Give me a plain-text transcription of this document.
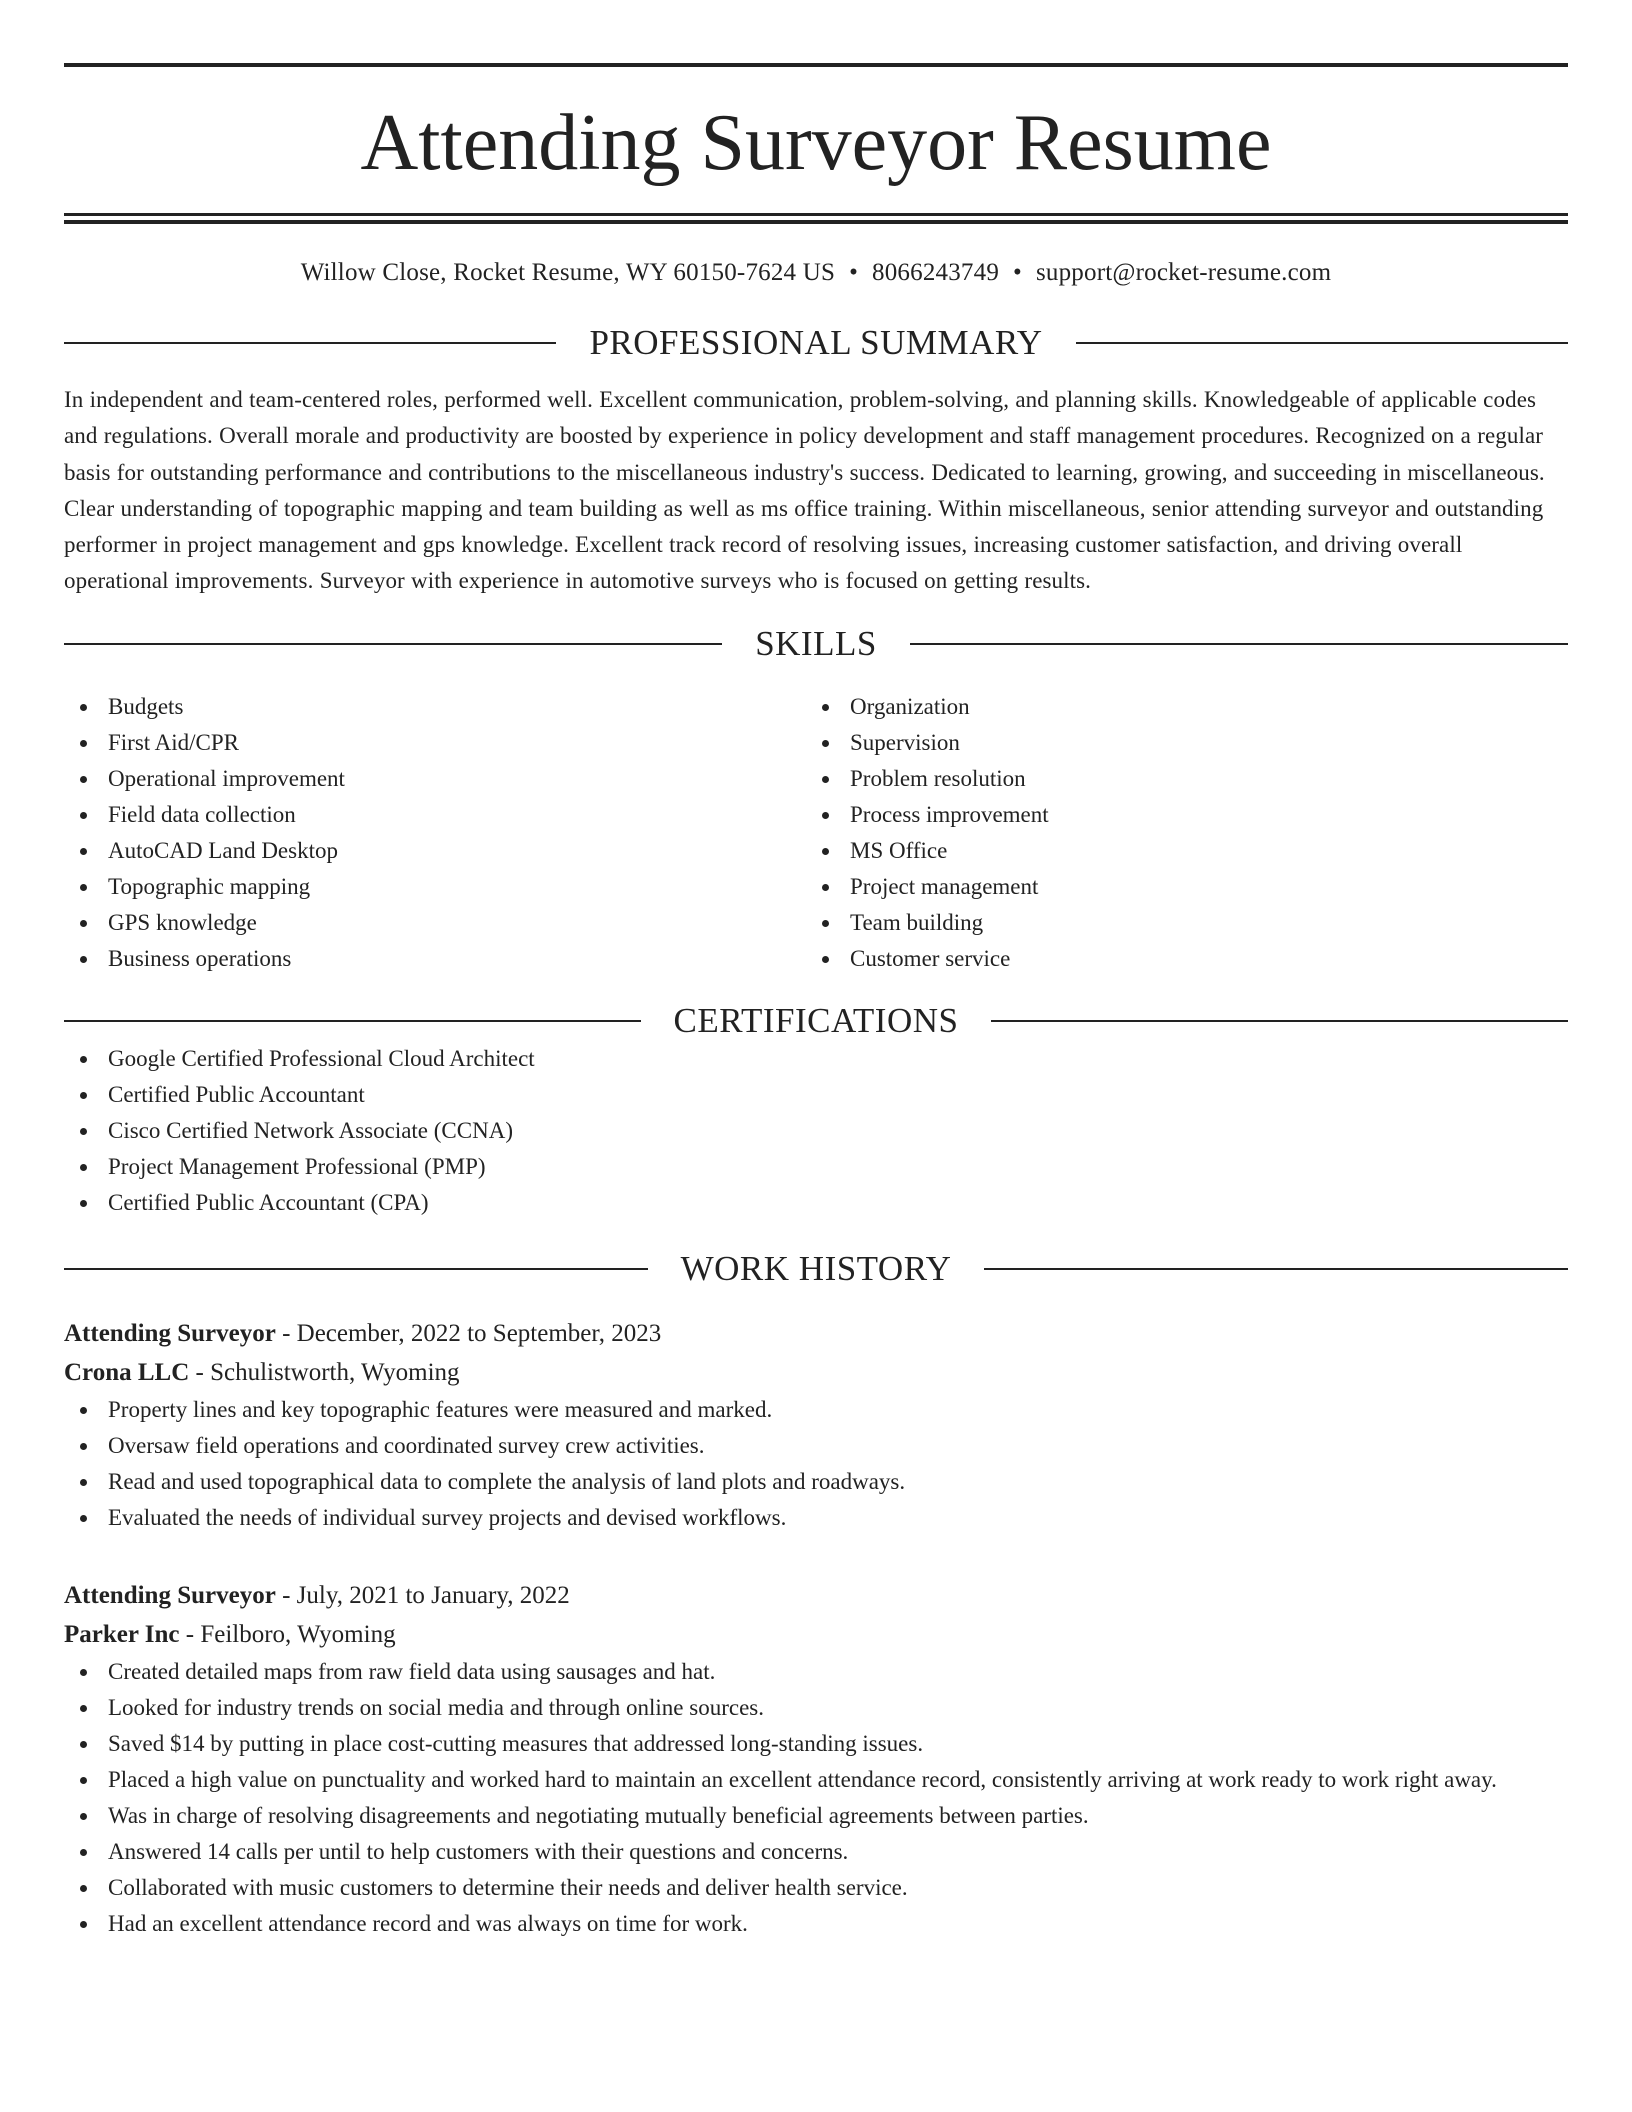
Attending Surveyor Resume
Willow Close, Rocket Resume, WY 60150-7624 US • 8066243749 • support@rocket-resume.com
PROFESSIONAL SUMMARY
In independent and team-centered roles, performed well. Excellent communication, problem-solving, and planning skills. Knowledgeable of applicable codes and regulations. Overall morale and productivity are boosted by experience in policy development and staff management procedures. Recognized on a regular basis for outstanding performance and contributions to the miscellaneous industry's success. Dedicated to learning, growing, and succeeding in miscellaneous. Clear understanding of topographic mapping and team building as well as ms office training. Within miscellaneous, senior attending surveyor and outstanding performer in project management and gps knowledge. Excellent track record of resolving issues, increasing customer satisfaction, and driving overall operational improvements. Surveyor with experience in automotive surveys who is focused on getting results.
SKILLS
Budgets
First Aid/CPR
Operational improvement
Field data collection
AutoCAD Land Desktop
Topographic mapping
GPS knowledge
Business operations
Organization
Supervision
Problem resolution
Process improvement
MS Office
Project management
Team building
Customer service
CERTIFICATIONS
Google Certified Professional Cloud Architect
Certified Public Accountant
Cisco Certified Network Associate (CCNA)
Project Management Professional (PMP)
Certified Public Accountant (CPA)
WORK HISTORY
Attending Surveyor - December, 2022 to September, 2023
Crona LLC - Schulistworth, Wyoming
Property lines and key topographic features were measured and marked.
Oversaw field operations and coordinated survey crew activities.
Read and used topographical data to complete the analysis of land plots and roadways.
Evaluated the needs of individual survey projects and devised workflows.
Attending Surveyor - July, 2021 to January, 2022
Parker Inc - Feilboro, Wyoming
Created detailed maps from raw field data using sausages and hat.
Looked for industry trends on social media and through online sources.
Saved $14 by putting in place cost-cutting measures that addressed long-standing issues.
Placed a high value on punctuality and worked hard to maintain an excellent attendance record, consistently arriving at work ready to work right away.
Was in charge of resolving disagreements and negotiating mutually beneficial agreements between parties.
Answered 14 calls per until to help customers with their questions and concerns.
Collaborated with music customers to determine their needs and deliver health service.
Had an excellent attendance record and was always on time for work.
